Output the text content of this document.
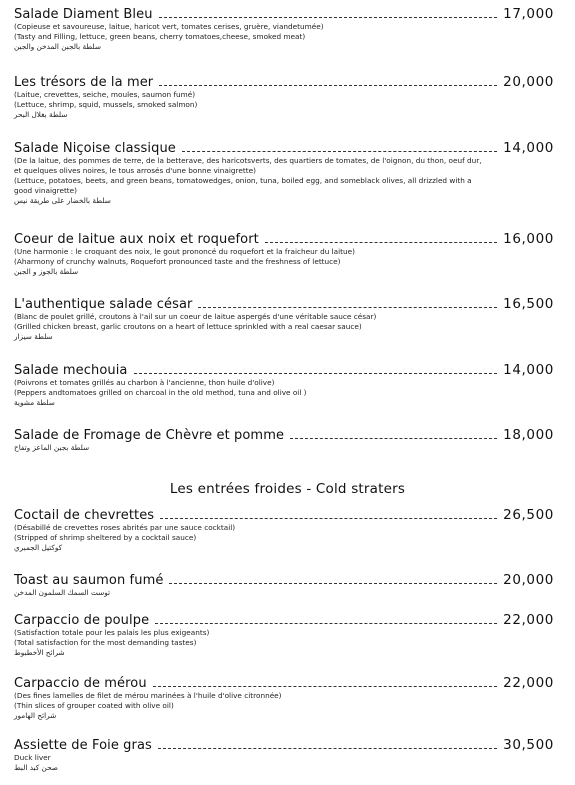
Salade Diament Bleu	17,000
(Copieuse et savoureuse, laitue, haricot vert, tomates cerises, gruère, viandetumée)
(Tasty and Filling, lettuce, green beans, cherry tomatoes,cheese, smoked meat)
سلطة بالجبن المدخن والجبن
Les trésors de la mer	20,000
(Laitue, crevettes, seiche, moules, saumon fumé)
(Lettuce, shrimp, squid, mussels, smoked salmon)
سلطة بغلال البحر
Salade Niçoise classique	14,000
(De la laitue, des pommes de terre, de la betterave, des haricotsverts, des quartiers de tomates, de l'oignon, du thon, oeuf dur, et quelques olives noires, le tous arrosés d'une bonne vinaigrette)
(Lettuce, potatoes, beets, and green beans, tomatowedges, onion, tuna, boiled egg, and someblack olives, all drizzled with a good vinaigrette)
سلطة بالخضار على طريقة نيس
Coeur de laitue aux noix et roquefort	16,000
(Une harmonie : le croquant des noix, le gout prononcé du roquefort et la fraicheur du laitue)
(Aharmony of crunchy walnuts, Roquefort pronounced taste and the freshness of lettuce)
سلطة بالجوز و الجبن
L'authentique salade césar	16,500
(Blanc de poulet grillé, croutons à l'ail sur un coeur de laitue aspergés d'une véritable sauce césar)
(Grilled chicken breast, garlic croutons on a heart of lettuce sprinkled with a real caesar sauce)
سلطة سيزار
Salade mechouia	14,000
(Poivrons et tomates grillés au charbon à l'ancienne, thon huile d'olive)
(Peppers andtomatoes grilled on charcoal in the old method, tuna and olive oil )
سلطة مشوية
Salade de Fromage de Chèvre et pomme	18,000
سلطة بجبن الماعز وتفاح
Les entrées froides - Cold straters
Coctail de chevrettes	26,500
(Désabillé de crevettes roses abrités par une sauce cocktail)
(Stripped of shrimp sheltered by a cocktail sauce)
كوكتيل الجمبري
Toast au saumon fumé	20,000
توست السمك السلمون المدخن
Carpaccio de poulpe	22,000
(Satisfaction totale pour les palais les plus exigeants)
(Total satisfaction for the most demanding tastes)
شرائح الأخطبوط
Carpaccio de mérou	22,000
(Des fines lamelles de filet de mérou marinées à l'huile d'olive citronnée)
(Thin slices of grouper coated with olive oil)
شرائح الهامور
Assiette de Foie gras	30,500
Duck liver
صحن كبد البط
